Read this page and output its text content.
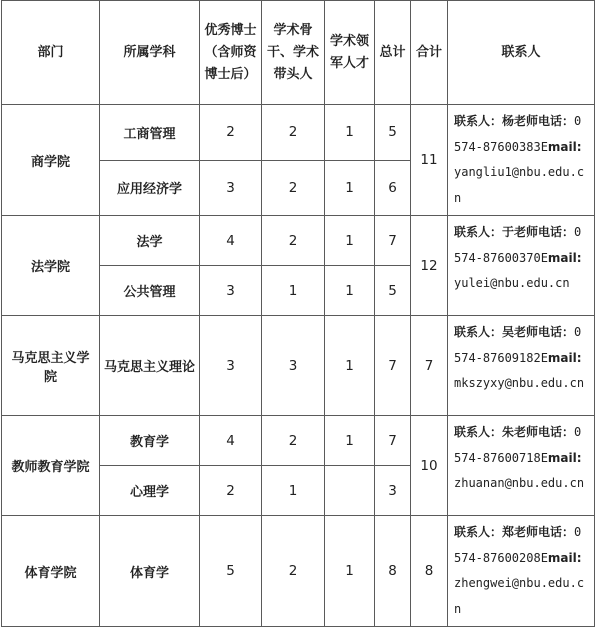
部门	所属学科	优秀博士（含师资博士后）	学术骨干、学术带头人	学术领军人才	总计	合计	联系人
商学院	工商管理	2	2	1	5	11	联系人：杨老师电话：0574-87600383Email:yangliu1@nbu.edu.cn
	应用经济学	3	2	1	6		
法学院	法学	4	2	1	7	12	联系人：于老师电话：0574-87600370Email:yulei@nbu.edu.cn
	公共管理	3	1	1	5		
马克思主义学院	马克思主义理论	3	3	1	7	7	联系人：吴老师电话：0574-87609182Email:mkszyxy@nbu.edu.cn
教师教育学院	教育学	4	2	1	7	10	联系人：朱老师电话：0574-87600718Email:zhuanan@nbu.edu.cn
	心理学	2	1		3		
体育学院	体育学	5	2	1	8	8	联系人：郑老师电话：0574-87600208Email:zhengwei@nbu.edu.cn
